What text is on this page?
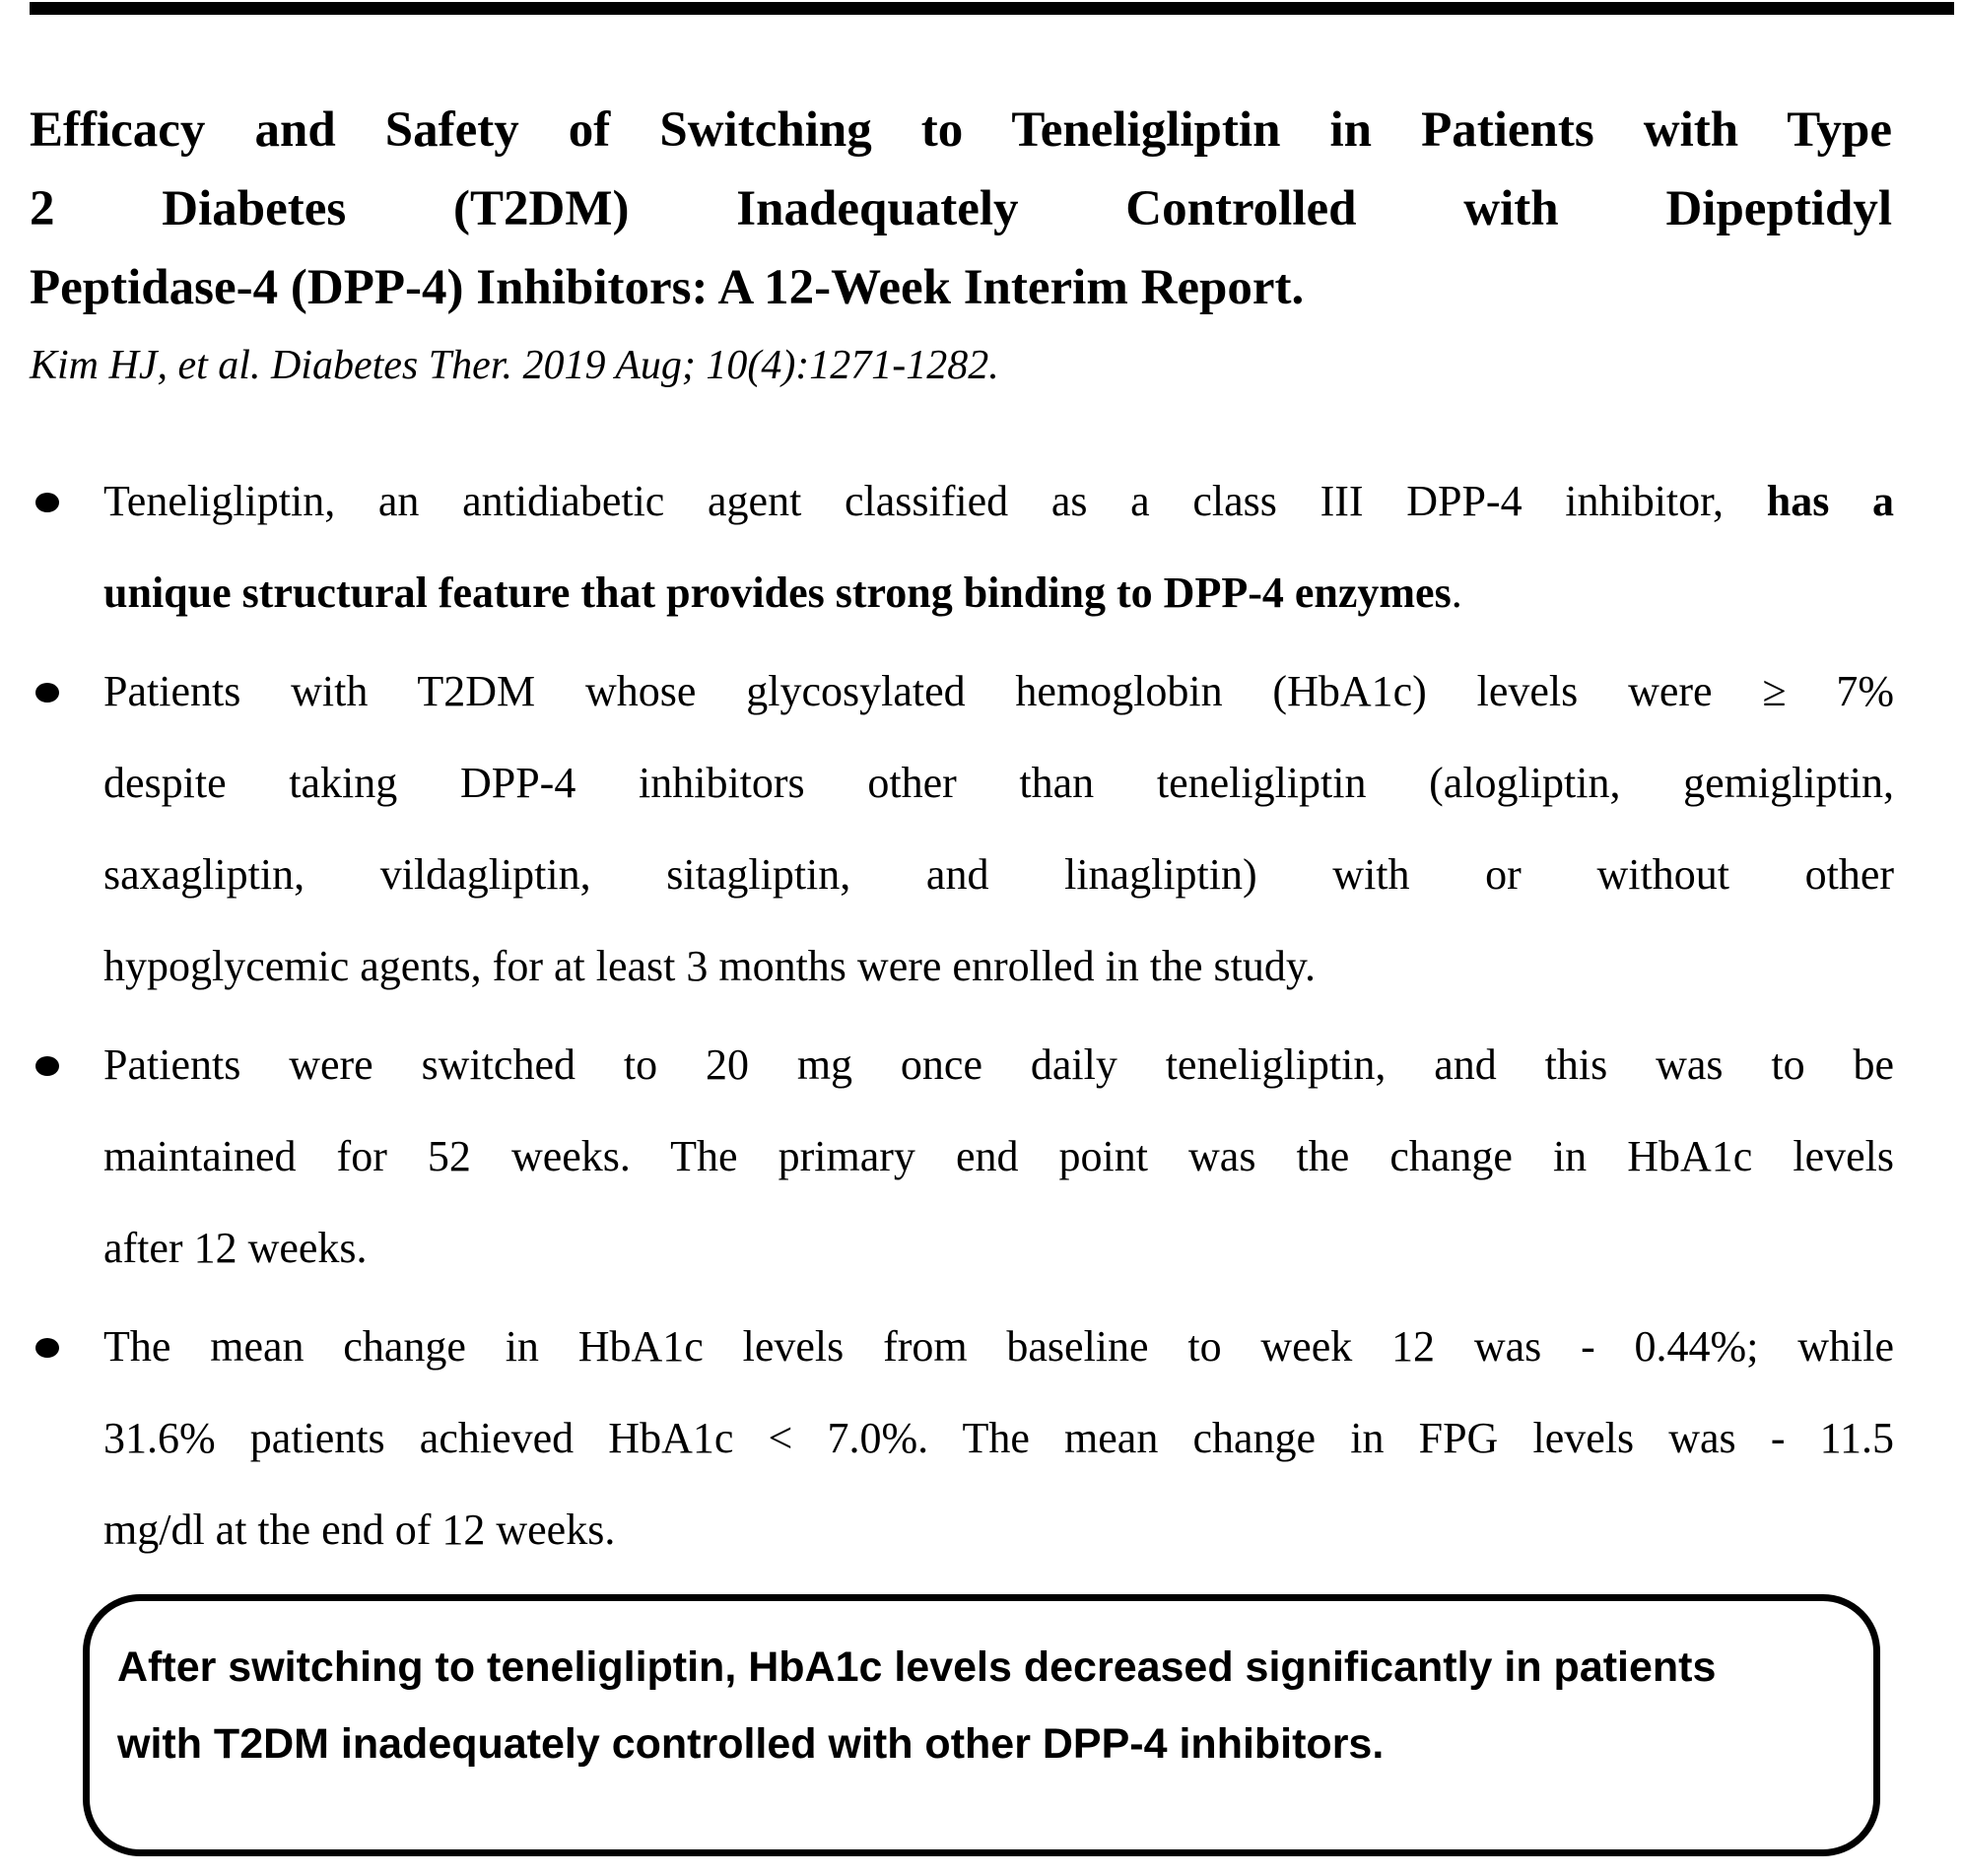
Efficacy and Safety of Switching to Teneligliptin in Patients with Type
2 Diabetes (T2DM) Inadequately Controlled with Dipeptidyl
Peptidase-4 (DPP-4) Inhibitors: A 12-Week Interim Report.
Kim HJ, et al. Diabetes Ther. 2019 Aug; 10(4):1271-1282.
Teneligliptin, an antidiabetic agent classified as a class III DPP-4 inhibitor, has a
unique structural feature that provides strong binding to DPP-4 enzymes.
Patients with T2DM whose glycosylated hemoglobin (HbA1c) levels were ≥ 7%
despite taking DPP-4 inhibitors other than teneligliptin (alogliptin, gemigliptin,
saxagliptin, vildagliptin, sitagliptin, and linagliptin) with or without other
hypoglycemic agents, for at least 3 months were enrolled in the study.
Patients were switched to 20 mg once daily teneligliptin, and this was to be
maintained for 52 weeks. The primary end point was the change in HbA1c levels
after 12 weeks.
The mean change in HbA1c levels from baseline to week 12 was - 0.44%; while
31.6% patients achieved HbA1c < 7.0%. The mean change in FPG levels was - 11.5
mg/dl at the end of 12 weeks.
After switching to teneligliptin, HbA1c levels decreased significantly in patients
with T2DM inadequately controlled with other DPP-4 inhibitors.
